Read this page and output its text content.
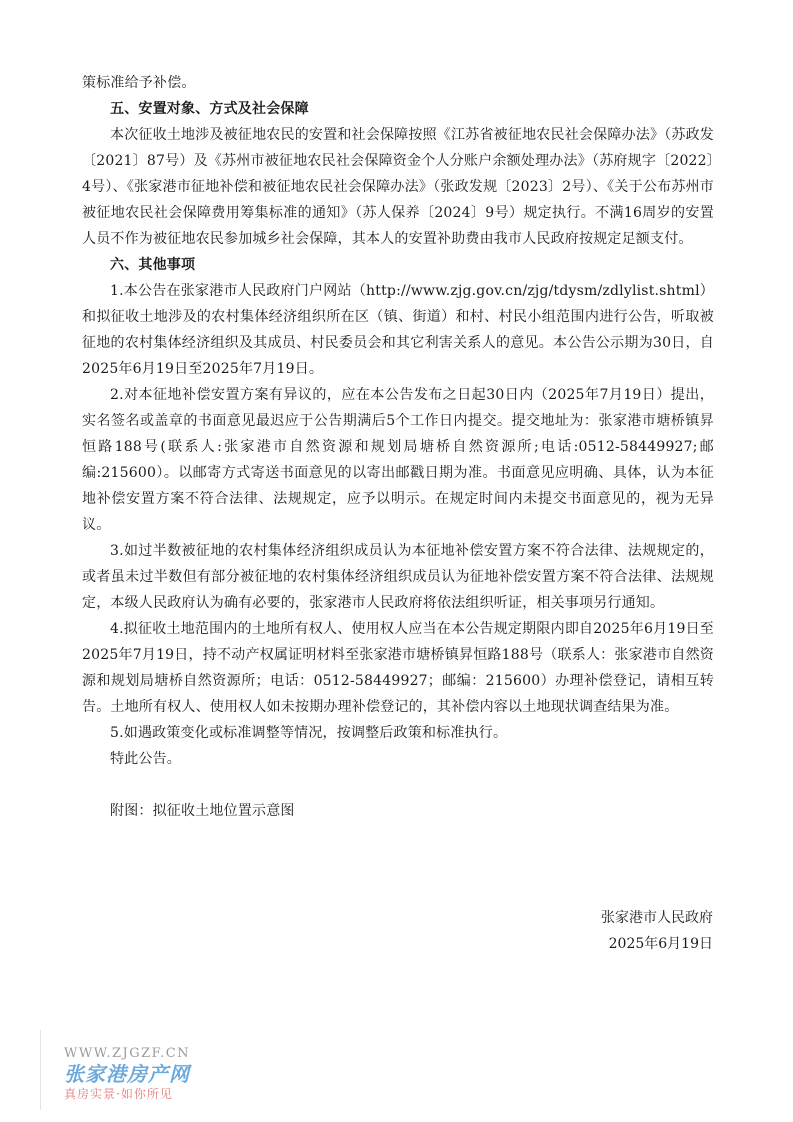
策标准给予补偿。

五、安置对象、方式及社会保障

本次征收土地涉及被征地农民的安置和社会保障按照《江苏省被征地农民社会保障办法》（苏政发〔2021〕87号）及《苏州市被征地农民社会保障资金个人分账户余额处理办法》（苏府规字〔2022〕4号）、《张家港市征地补偿和被征地农民社会保障办法》（张政发规〔2023〕2号）、《关于公布苏州市被征地农民社会保障费用筹集标准的通知》（苏人保养〔2024〕9号）规定执行。不满16周岁的安置人员不作为被征地农民参加城乡社会保障，其本人的安置补助费由我市人民政府按规定足额支付。

六、其他事项

1.本公告在张家港市人民政府门户网站（http://www.zjg.gov.cn/zjg/tdysm/zdlylist.shtml）和拟征收土地涉及的农村集体经济组织所在区（镇、街道）和村、村民小组范围内进行公告，听取被征地的农村集体经济组织及其成员、村民委员会和其它利害关系人的意见。本公告公示期为30日，自2025年6月19日至2025年7月19日。

2.对本征地补偿安置方案有异议的，应在本公告发布之日起30日内（2025年7月19日）提出，实名签名或盖章的书面意见最迟应于公告期满后5个工作日内提交。提交地址为：张家港市塘桥镇昇恒路188号(联系人:张家港市自然资源和规划局塘桥自然资源所;电话:0512-58449927;邮编:215600）。以邮寄方式寄送书面意见的以寄出邮戳日期为准。书面意见应明确、具体，认为本征地补偿安置方案不符合法律、法规规定，应予以明示。在规定时间内未提交书面意见的，视为无异议。

3.如过半数被征地的农村集体经济组织成员认为本征地补偿安置方案不符合法律、法规规定的，或者虽未过半数但有部分被征地的农村集体经济组织成员认为征地补偿安置方案不符合法律、法规规定，本级人民政府认为确有必要的，张家港市人民政府将依法组织听证，相关事项另行通知。

4.拟征收土地范围内的土地所有权人、使用权人应当在本公告规定期限内即自2025年6月19日至2025年7月19日，持不动产权属证明材料至张家港市塘桥镇昇恒路188号（联系人：张家港市自然资源和规划局塘桥自然资源所；电话：0512-58449927；邮编：215600）办理补偿登记，请相互转告。土地所有权人、使用权人如未按期办理补偿登记的，其补偿内容以土地现状调查结果为准。

5.如遇政策变化或标准调整等情况，按调整后政策和标准执行。

特此公告。

附图：拟征收土地位置示意图

张家港市人民政府
2025年6月19日
WWW.ZJGZF.CN
张家港房产网
真房实景·如你所见
